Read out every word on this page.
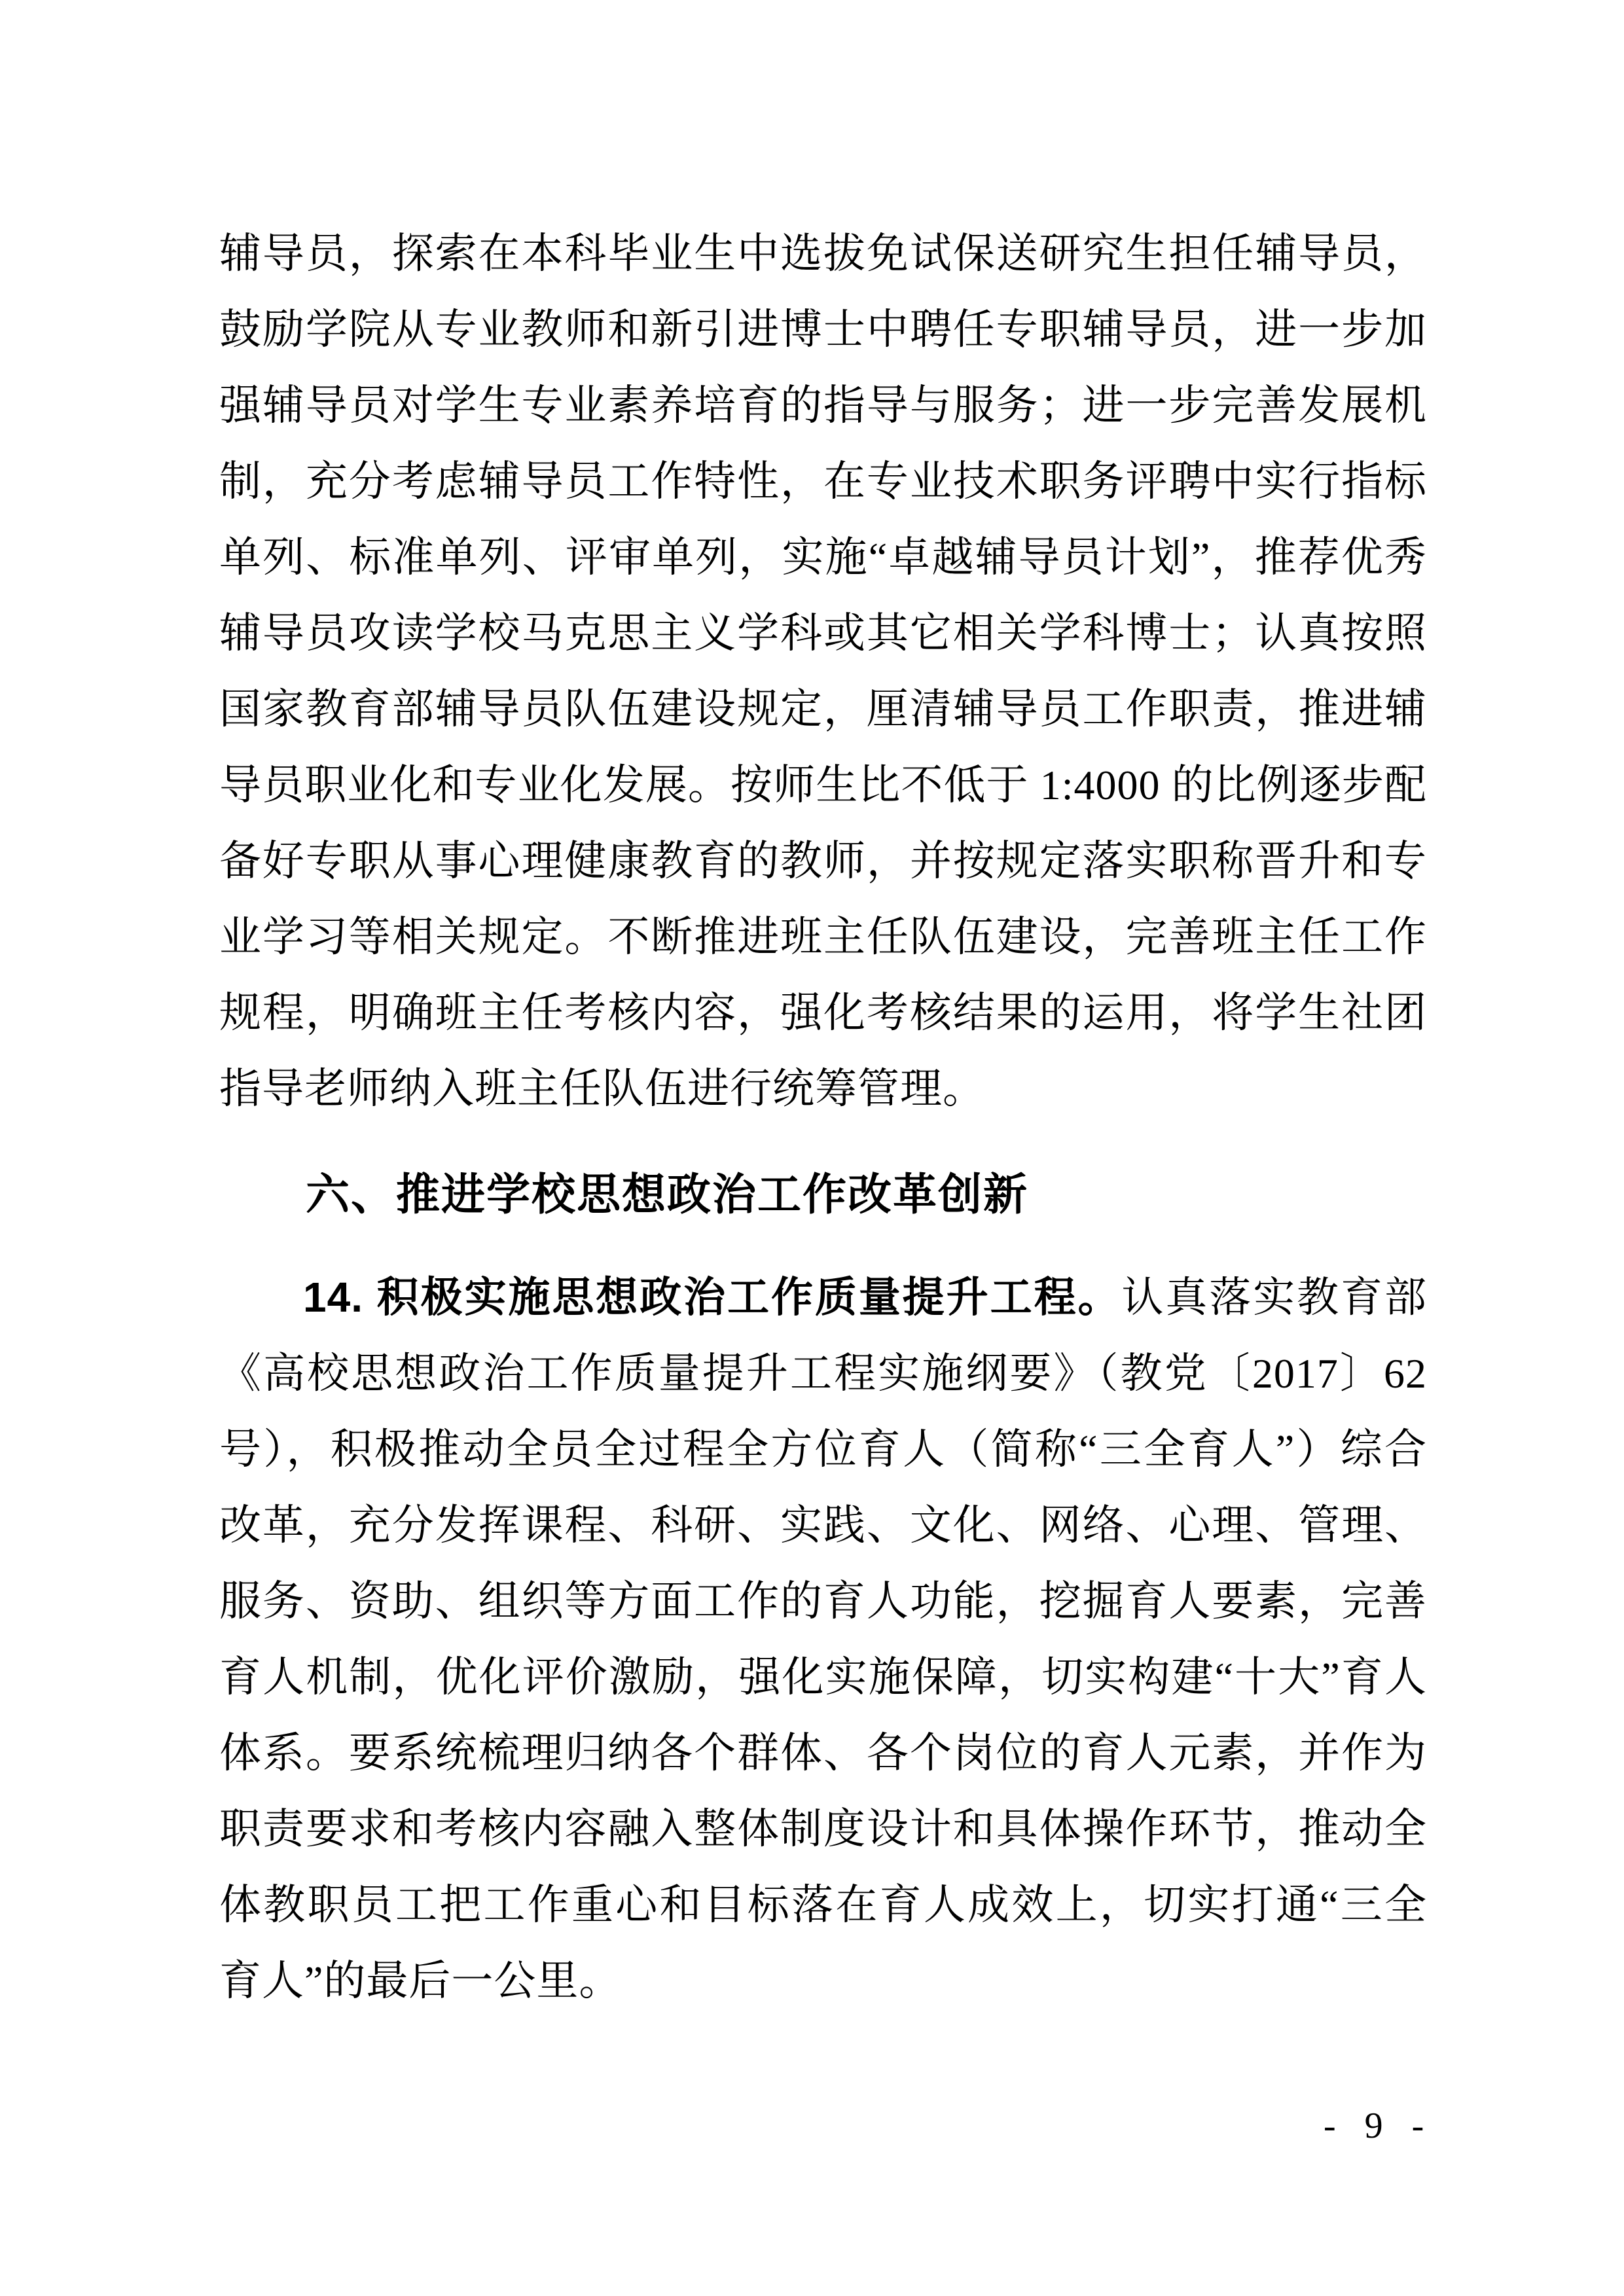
辅导员，探索在本科毕业生中选拔免试保送研究生担任辅导员，鼓励学院从专业教师和新引进博士中聘任专职辅导员，进一步加强辅导员对学生专业素养培育的指导与服务；进一步完善发展机制，充分考虑辅导员工作特性，在专业技术职务评聘中实行指标单列、标准单列、评审单列，实施“卓越辅导员计划”，推荐优秀辅导员攻读学校马克思主义学科或其它相关学科博士；认真按照国家教育部辅导员队伍建设规定，厘清辅导员工作职责，推进辅导员职业化和专业化发展。按师生比不低于 1:4000 的比例逐步配备好专职从事心理健康教育的教师，并按规定落实职称晋升和专业学习等相关规定。不断推进班主任队伍建设，完善班主任工作规程，明确班主任考核内容，强化考核结果的运用，将学生社团指导老师纳入班主任队伍进行统筹管理。

六、推进学校思想政治工作改革创新

14. 积极实施思想政治工作质量提升工程。认真落实教育部《高校思想政治工作质量提升工程实施纲要》（教党〔2017〕62号），积极推动全员全过程全方位育人（简称“三全育人”）综合改革，充分发挥课程、科研、实践、文化、网络、心理、管理、服务、资助、组织等方面工作的育人功能，挖掘育人要素，完善育人机制，优化评价激励，强化实施保障，切实构建“十大”育人体系。要系统梳理归纳各个群体、各个岗位的育人元素，并作为职责要求和考核内容融入整体制度设计和具体操作环节，推动全体教职员工把工作重心和目标落在育人成效上，切实打通“三全育人”的最后一公里。

- 9 -
